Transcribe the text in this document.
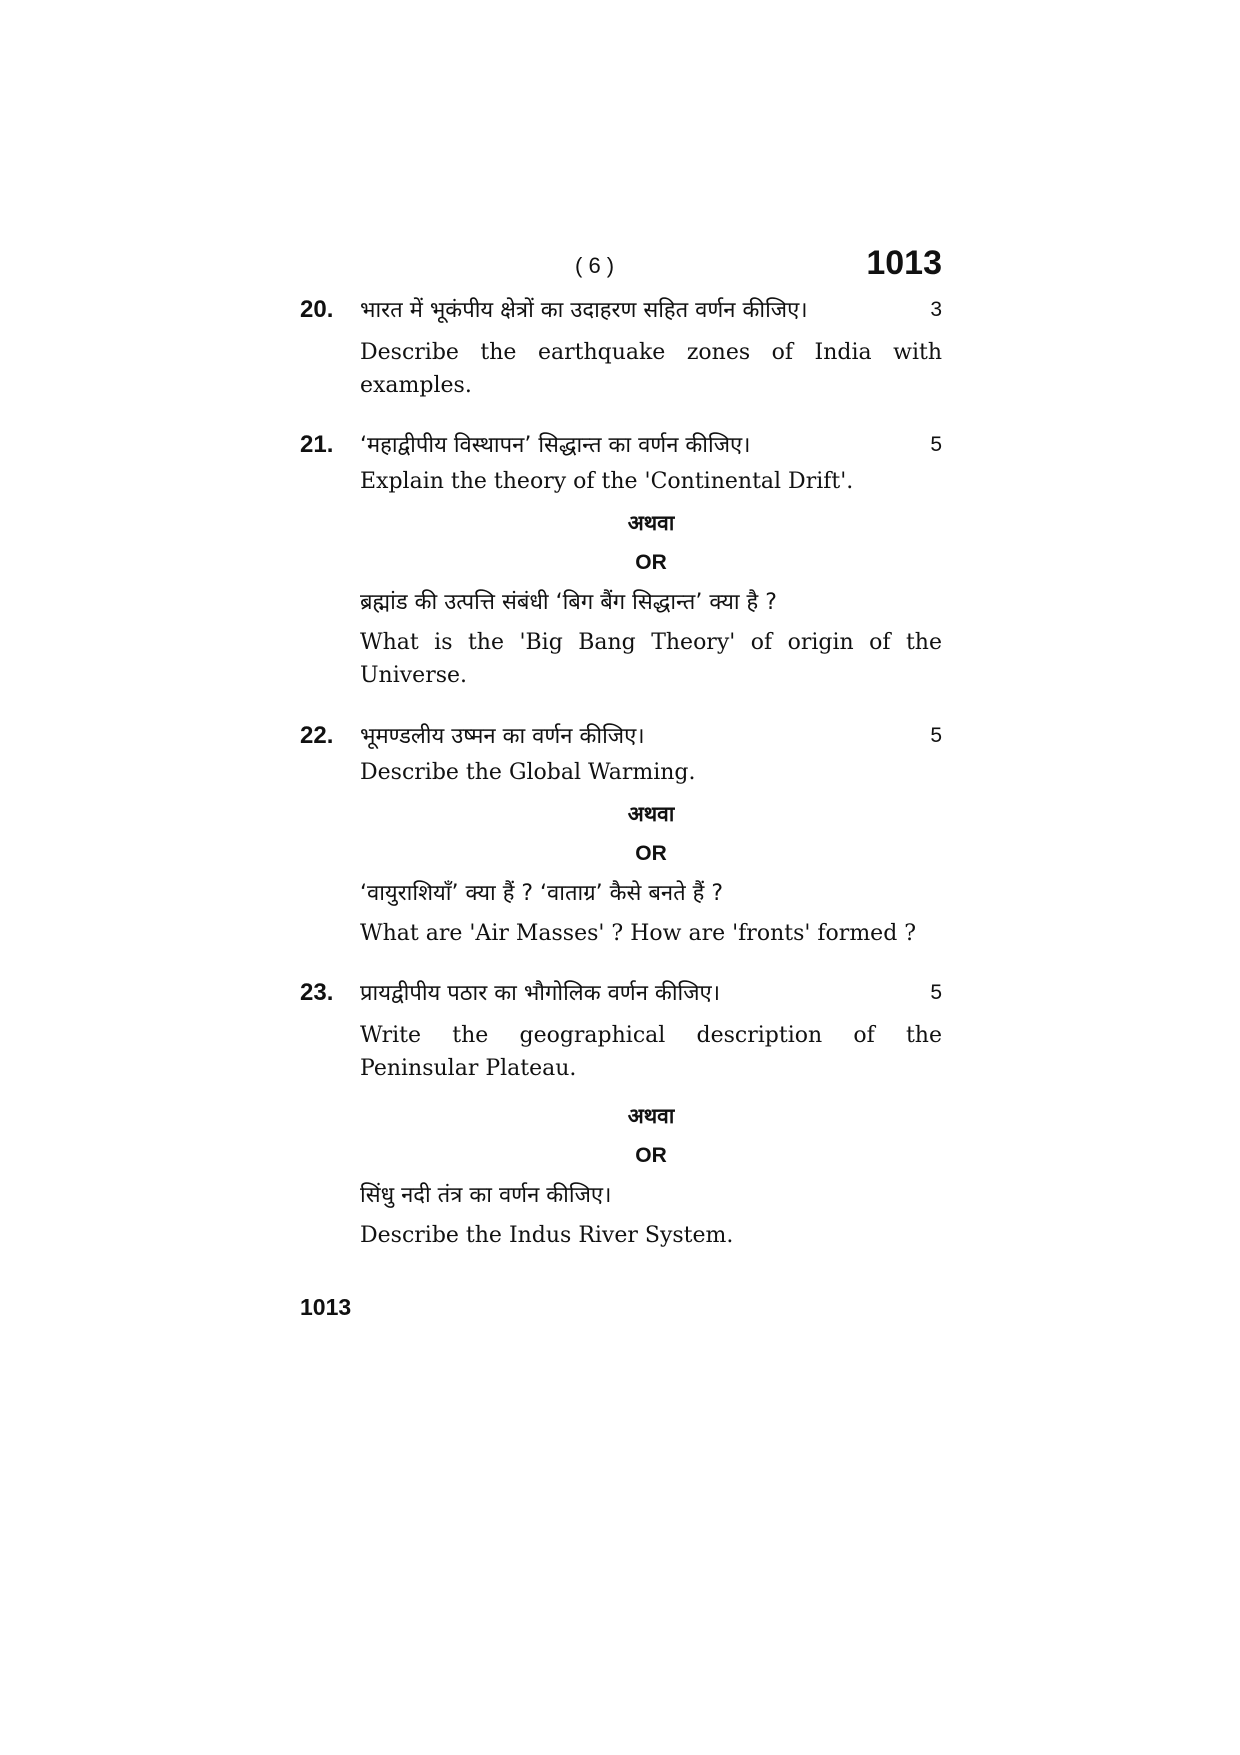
( 6 )	1013
20. भारत में भूकंपीय क्षेत्रों का उदाहरण सहित वर्णन कीजिए।	3
Describe the earthquake zones of India with examples.
21. ‘महाद्वीपीय विस्थापन’ सिद्धान्त का वर्णन कीजिए।	5
Explain the theory of the 'Continental Drift'.
अथवा
OR
ब्रह्मांड की उत्पत्ति संबंधी ‘बिग बैंग सिद्धान्त’ क्या है ?
What is the 'Big Bang Theory' of origin of the Universe.
22. भूमण्डलीय उष्मन का वर्णन कीजिए।	5
Describe the Global Warming.
अथवा
OR
‘वायुराशियाँ’ क्या हैं ? ‘वाताग्र’ कैसे बनते हैं ?
What are 'Air Masses' ? How are 'fronts' formed ?
23. प्रायद्वीपीय पठार का भौगोलिक वर्णन कीजिए।	5
Write the geographical description of the Peninsular Plateau.
अथवा
OR
सिंधु नदी तंत्र का वर्णन कीजिए।
Describe the Indus River System.
1013
